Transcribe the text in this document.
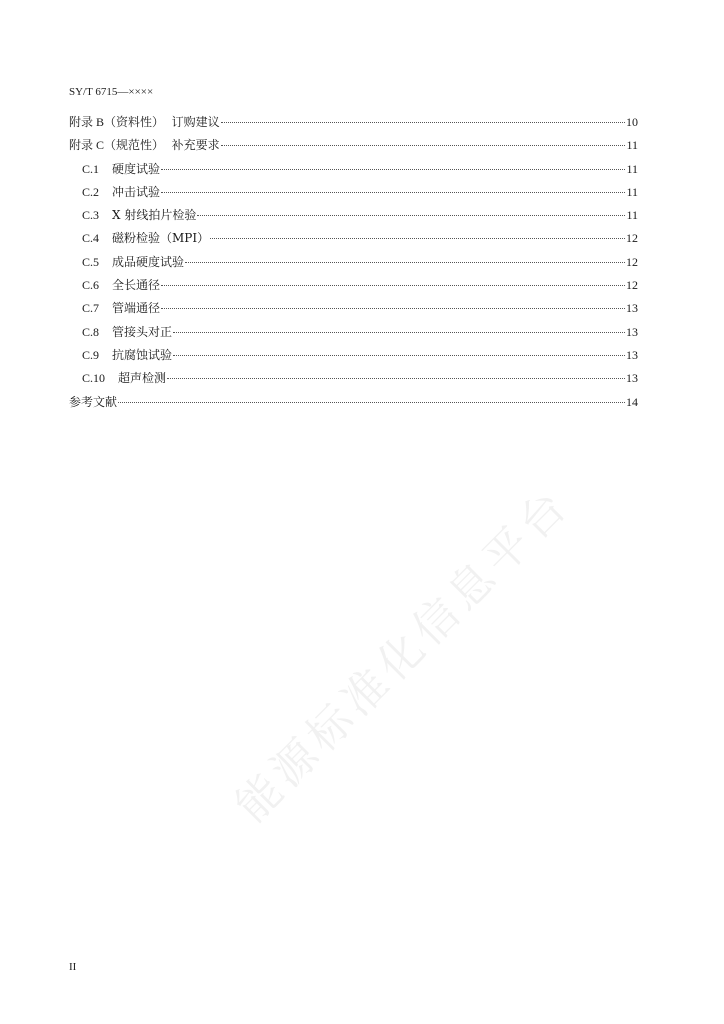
SY/T 6715—××××
附录 B （资料性）  订购建议	10
附录 C （规范性）  补充要求	11
C.1	硬度试验	11
C.2	冲击试验	11
C.3	X 射线拍片检验	11
C.4	磁粉检验（MPI）	12
C.5	成品硬度试验	12
C.6	全长通径	12
C.7	管端通径	13
C.8	管接头对正	13
C.9	抗腐蚀试验	13
C.10	超声检测	13
参考文献	14
能源标准化信息平台
II
